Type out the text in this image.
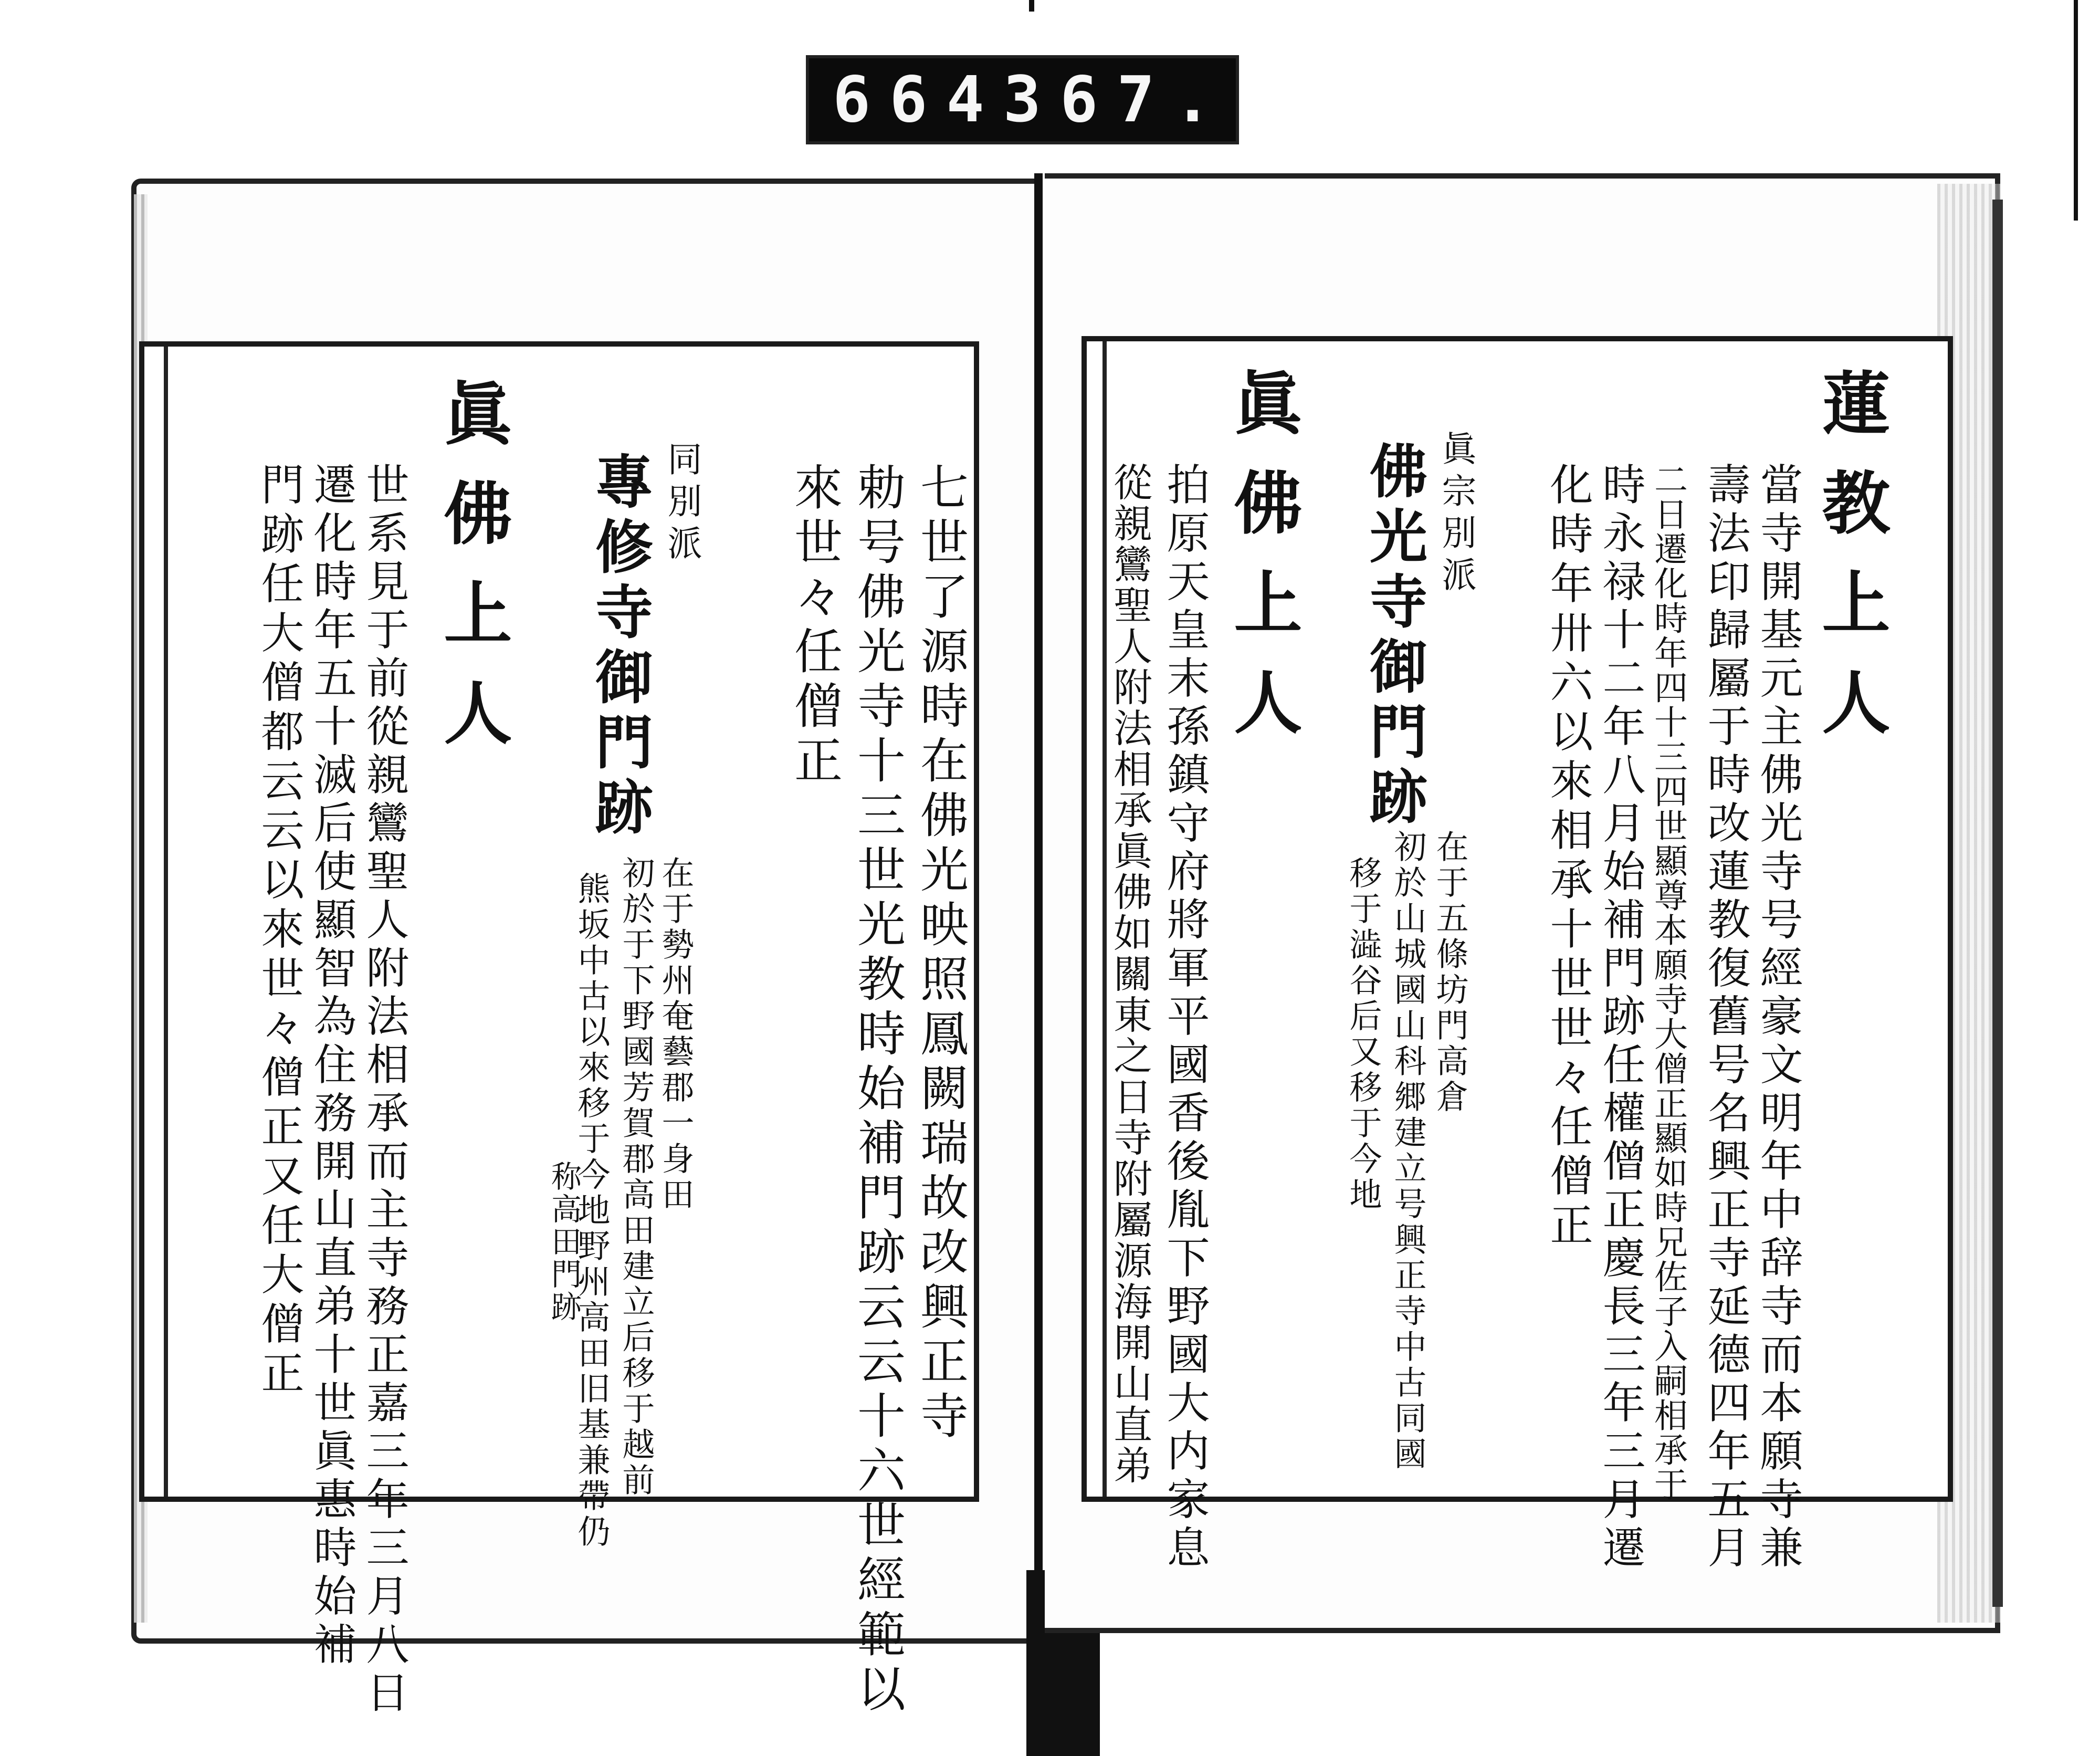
664 367.
七世了源時在佛光映照鳳闕瑞故改興正寺
勅号佛光寺十三世光教時始補門跡云云十六世經範以
來世々任僧正
同別派
專修寺御門跡
在于勢州奄藝郡一身田
初於于下野國芳賀郡高田建立后移于越前
熊坂中古以來移于今地野州高田旧基兼帶仍
称高田門跡
眞佛上人
世系見于前從親鸞聖人附法相承而主寺務正嘉三年三月八日
遷化時年五十滅后使顯智為住務開山直弟十世眞惠時始補
門跡任大僧都云云以來世々僧正又任大僧正	蓮教上人
當寺開基元主佛光寺号經豪文明年中辞寺而本願寺兼
壽法印歸屬于時改蓮教復舊号名興正寺延德四年五月
二日遷化時年四十三四世顯尊本願寺大僧正顯如時兄佐子入嗣相承于
時永禄十二年八月始補門跡任權僧正慶長三年三月遷
化時年卅六以來相承十世世々任僧正
眞宗別派
佛光寺御門跡
在于五條坊門高倉
初於山城國山科郷建立号興正寺中古同國
移于澁谷后又移于今地
眞佛上人
拍原天皇末孫鎮守府將軍平國香後胤下野國大内家息
從親鸞聖人附法相承眞佛如關東之日寺附屬源海開山直弟
